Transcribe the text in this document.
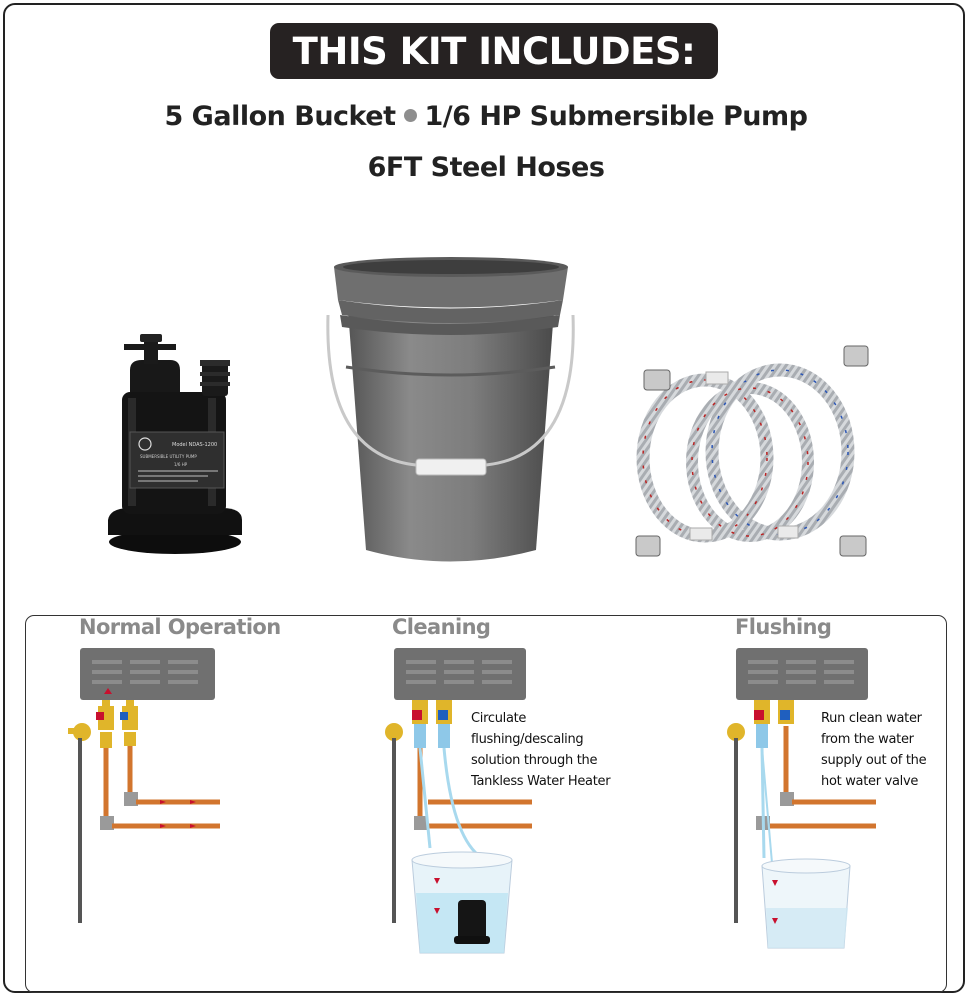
THIS KIT INCLUDES:
5 Gallon Bucket 1/6 HP Submersible Pump
6FT Steel Hoses
Model NDAS-1200
SUBMERSIBLE UTILITY PUMP
1/6 HP
Normal Operation	Cleaning	Flushing
Circulate
flushing/descaling
solution through the
Tankless Water Heater
Run clean water
from the water
supply out of the
hot water valve
